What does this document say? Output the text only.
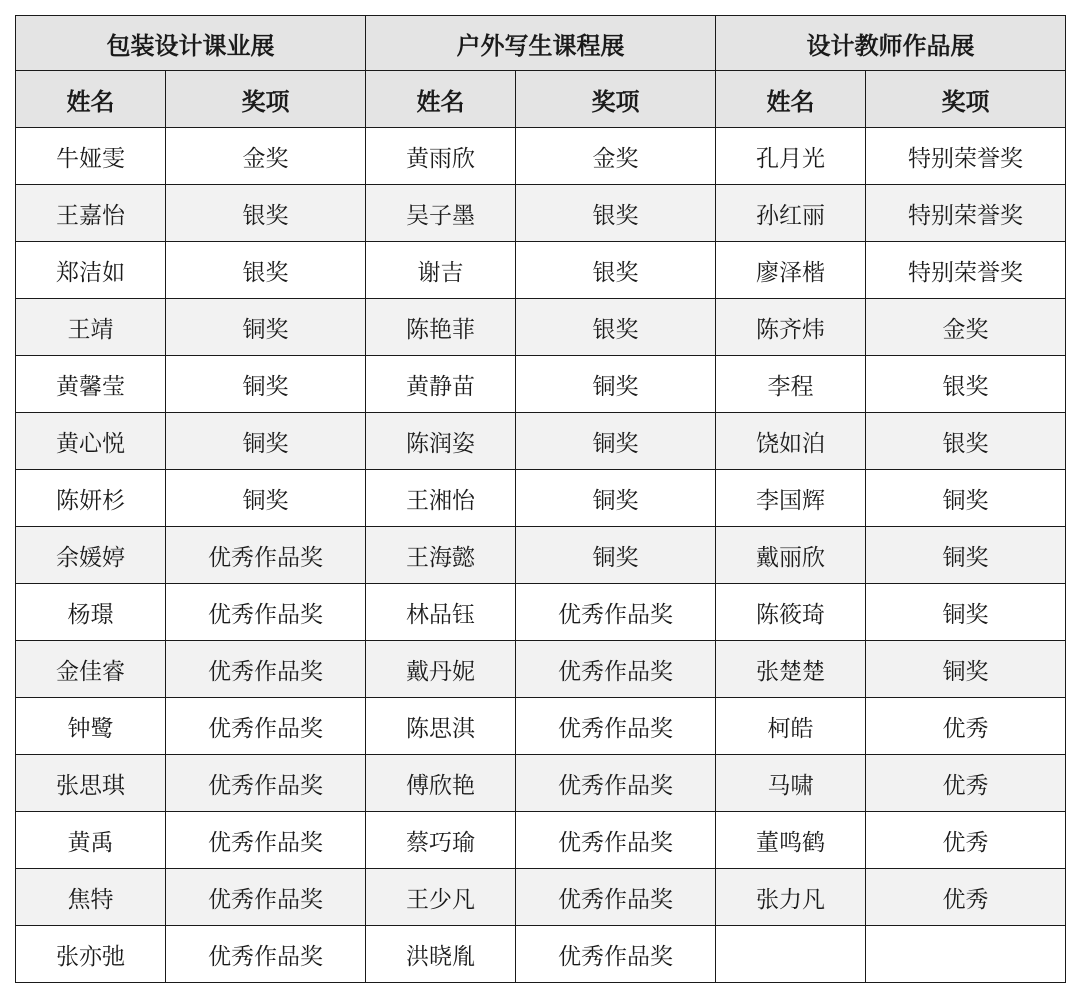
包装设计课业展		户外写生课程展		设计教师作品展	
姓名	奖项	姓名	奖项	姓名	奖项
牛娅雯	金奖	黄雨欣	金奖	孔月光	特别荣誉奖
王嘉怡	银奖	吴子墨	银奖	孙红丽	特别荣誉奖
郑洁如	银奖	谢吉	银奖	廖泽楷	特别荣誉奖
王靖	铜奖	陈艳菲	银奖	陈齐炜	金奖
黄馨莹	铜奖	黄静苗	铜奖	李程	银奖
黄心悦	铜奖	陈润姿	铜奖	饶如泊	银奖
陈妍杉	铜奖	王湘怡	铜奖	李国辉	铜奖
余媛婷	优秀作品奖	王海懿	铜奖	戴丽欣	铜奖
杨璟	优秀作品奖	林品钰	优秀作品奖	陈筱琦	铜奖
金佳睿	优秀作品奖	戴丹妮	优秀作品奖	张楚楚	铜奖
钟鹭	优秀作品奖	陈思淇	优秀作品奖	柯皓	优秀
张思琪	优秀作品奖	傅欣艳	优秀作品奖	马啸	优秀
黄禹	优秀作品奖	蔡巧瑜	优秀作品奖	董鸣鹤	优秀
焦特	优秀作品奖	王少凡	优秀作品奖	张力凡	优秀
张亦弛	优秀作品奖	洪晓胤	优秀作品奖		
